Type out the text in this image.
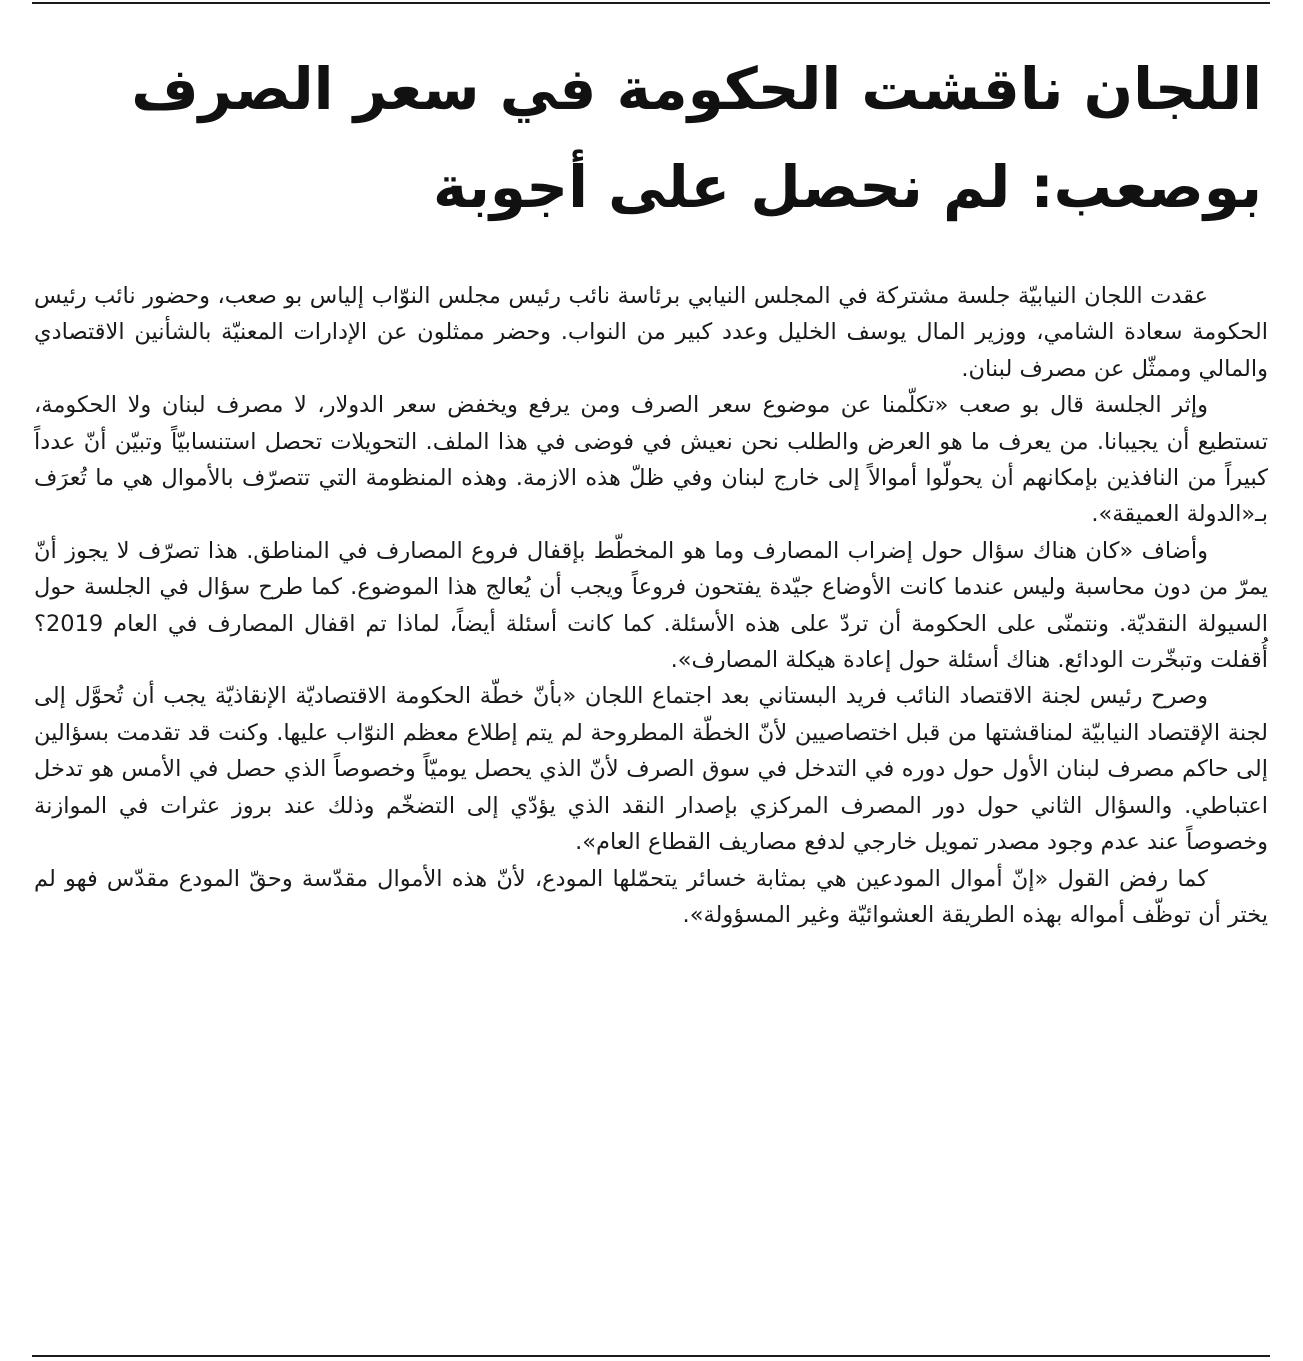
اللجان ناقشت الحكومة في سعر الصرف
بوصعب: لم نحصل على أجوبة

عقدت اللجان النيابيّة جلسة مشتركة في المجلس النيابي برئاسة نائب رئيس مجلس النوّاب إلياس بو صعب، وحضور نائب رئيس الحكومة سعادة الشامي، ووزير المال يوسف الخليل وعدد كبير من النواب. وحضر ممثلون عن الإدارات المعنيّة بالشأنين الاقتصادي والمالي وممثّل عن مصرف لبنان.

وإثر الجلسة قال بو صعب «تكلّمنا عن موضوع سعر الصرف ومن يرفع ويخفض سعر الدولار، لا مصرف لبنان ولا الحكومة، تستطيع أن يجيبانا. من يعرف ما هو العرض والطلب نحن نعيش في فوضى في هذا الملف. التحويلات تحصل استنسابيّاً وتبيّن أنّ عدداً كبيراً من النافذين بإمكانهم أن يحولّوا أموالاً إلى خارج لبنان وفي ظلّ هذه الازمة. وهذه المنظومة التي تتصرّف بالأموال هي ما تُعرَف بـ«الدولة العميقة».

وأضاف «كان هناك سؤال حول إضراب المصارف وما هو المخطّط بإقفال فروع المصارف في المناطق. هذا تصرّف لا يجوز أنّ يمرّ من دون محاسبة وليس عندما كانت الأوضاع جيّدة يفتحون فروعاً ويجب أن يُعالج هذا الموضوع. كما طرح سؤال في الجلسة حول السيولة النقديّة. ونتمنّى على الحكومة أن تردّ على هذه الأسئلة. كما كانت أسئلة أيضاً، لماذا تم اقفال المصارف في العام 2019؟ أُقفلت وتبخّرت الودائع. هناك أسئلة حول إعادة هيكلة المصارف».

وصرح رئيس لجنة الاقتصاد النائب فريد البستاني بعد اجتماع اللجان «بأنّ خطّة الحكومة الاقتصاديّة الإنقاذيّة يجب أن تُحوَّل إلى لجنة الإقتصاد النيابيّة لمناقشتها من قبل اختصاصيين لأنّ الخطّة المطروحة لم يتم إطلاع معظم النوّاب عليها. وكنت قد تقدمت بسؤالين إلى حاكم مصرف لبنان الأول حول دوره في التدخل في سوق الصرف لأنّ الذي يحصل يوميّاً وخصوصاً الذي حصل في الأمس هو تدخل اعتباطي. والسؤال الثاني حول دور المصرف المركزي بإصدار النقد الذي يؤدّي إلى التضخّم وذلك عند بروز عثرات في الموازنة وخصوصاً عند عدم وجود مصدر تمويل خارجي لدفع مصاريف القطاع العام».

كما رفض القول «إنّ أموال المودعين هي بمثابة خسائر يتحمّلها المودع، لأنّ هذه الأموال مقدّسة وحقّ المودع مقدّس فهو لم يختر أن توظّف أمواله بهذه الطريقة العشوائيّة وغير المسؤولة».
